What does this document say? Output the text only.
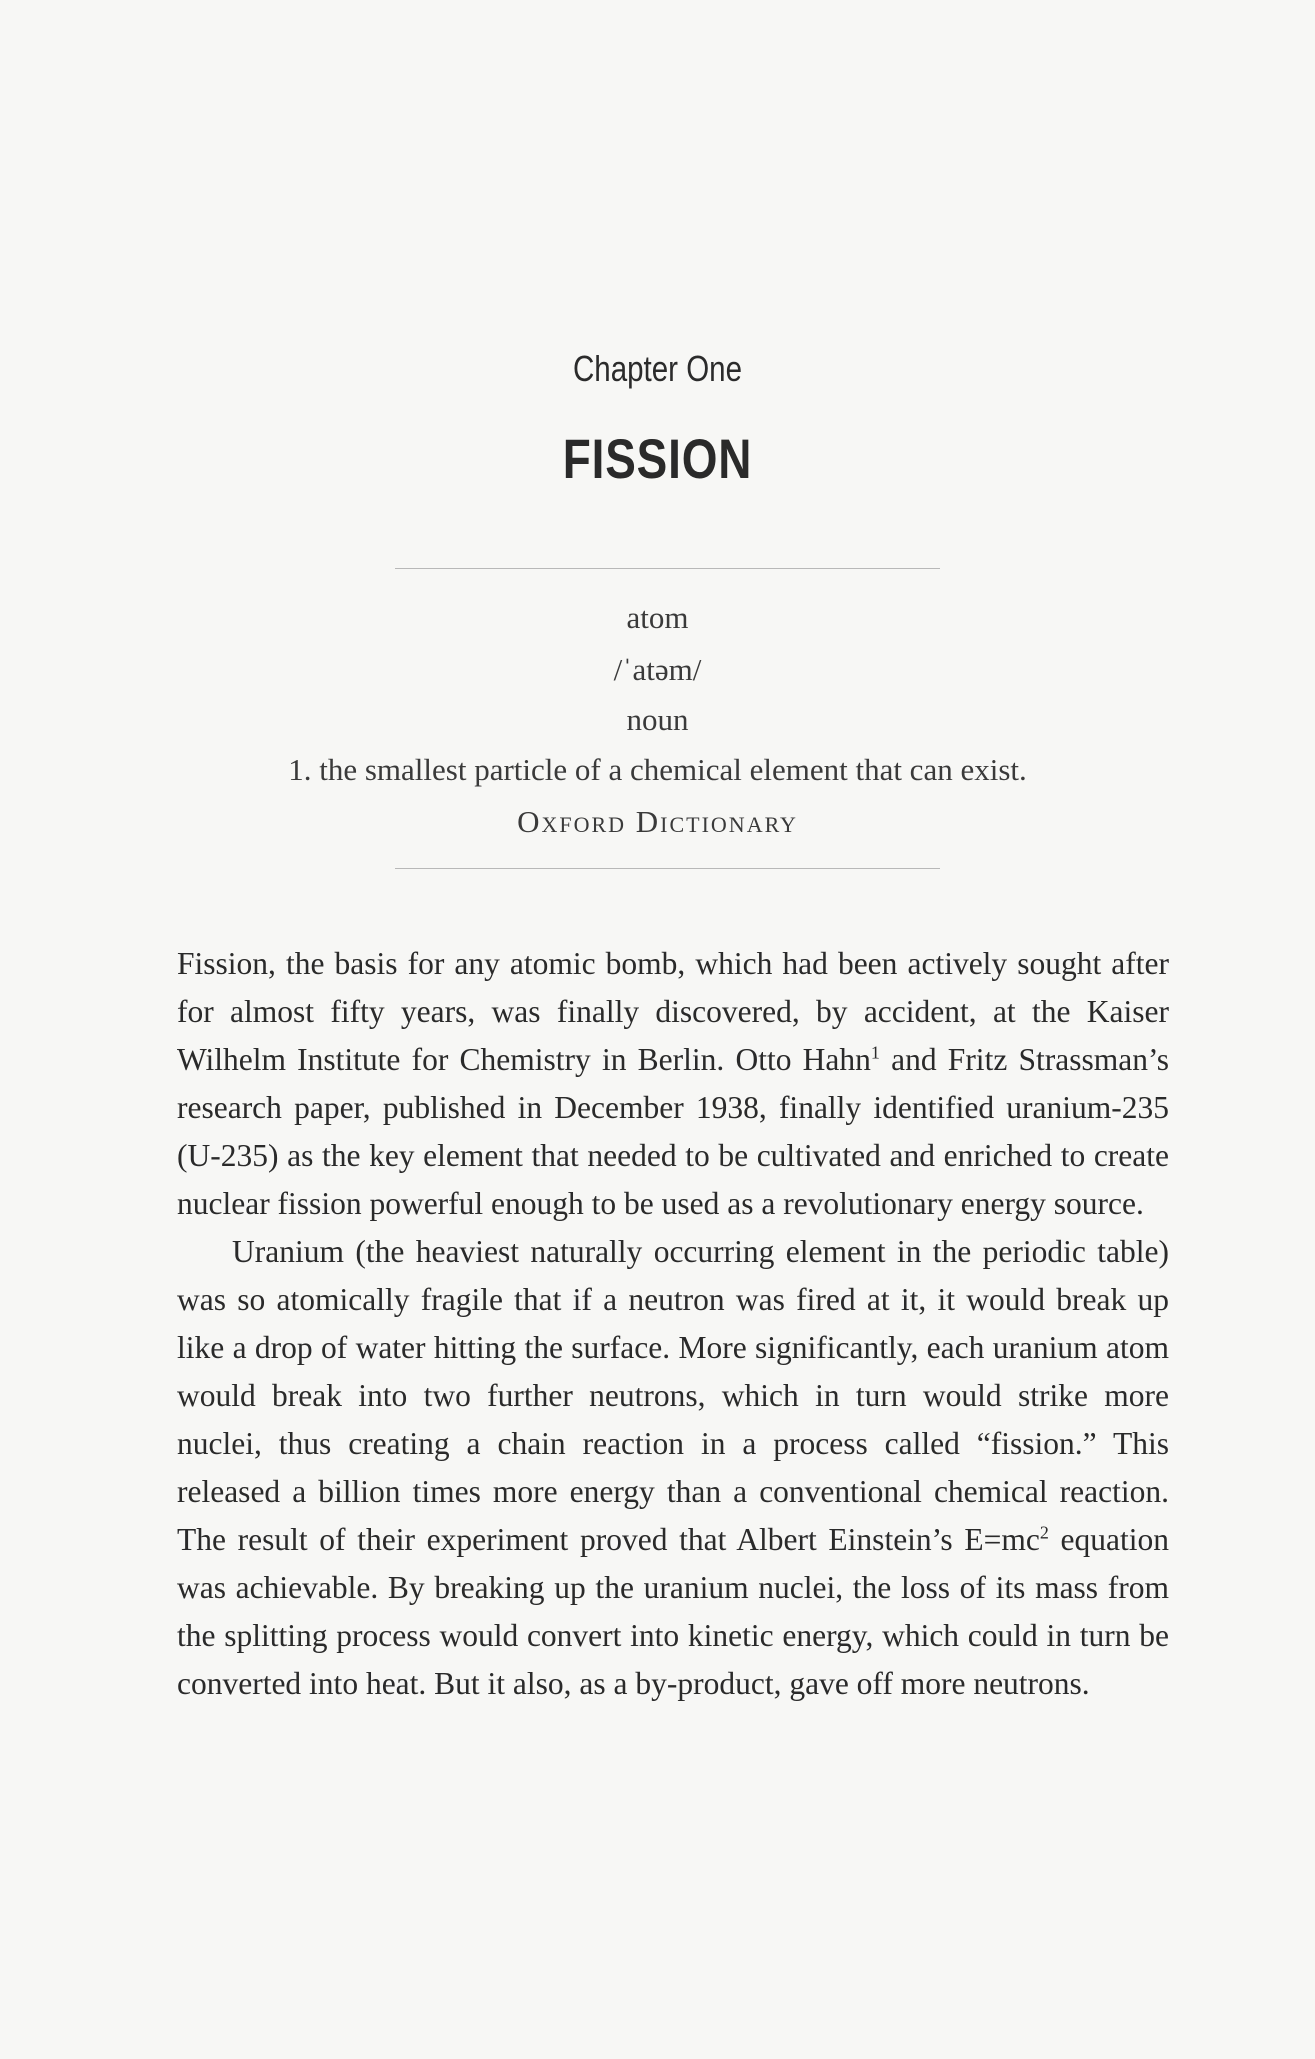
Chapter One
FISSION
atom
/ˈatəm/
noun
1. the smallest particle of a chemical element that can exist.
Oxford Dictionary

Fission, the basis for any atomic bomb, which had been actively sought after for almost fifty years, was finally discovered, by accident, at the Kaiser Wilhelm Institute for Chemistry in Berlin. Otto Hahn$^1$ and Fritz Strassman’s research paper, published in December 1938, finally identified uranium-235 (U-235) as the key element that needed to be cultivated and enriched to create nuclear fission powerful enough to be used as a revolutionary energy source.

Uranium (the heaviest naturally occurring element in the periodic table) was so atomically fragile that if a neutron was fired at it, it would break up like a drop of water hitting the surface. More significantly, each uranium atom would break into two further neutrons, which in turn would strike more nuclei, thus creating a chain reaction in a process called “fission.” This released a billion times more energy than a conventional chemical reaction. The result of their experiment proved that Albert Einstein’s $E=mc^2$ equation was achievable. By breaking up the uranium nuclei, the loss of its mass from the splitting process would convert into kinetic energy, which could in turn be converted into heat. But it also, as a by-product, gave off more neutrons.
